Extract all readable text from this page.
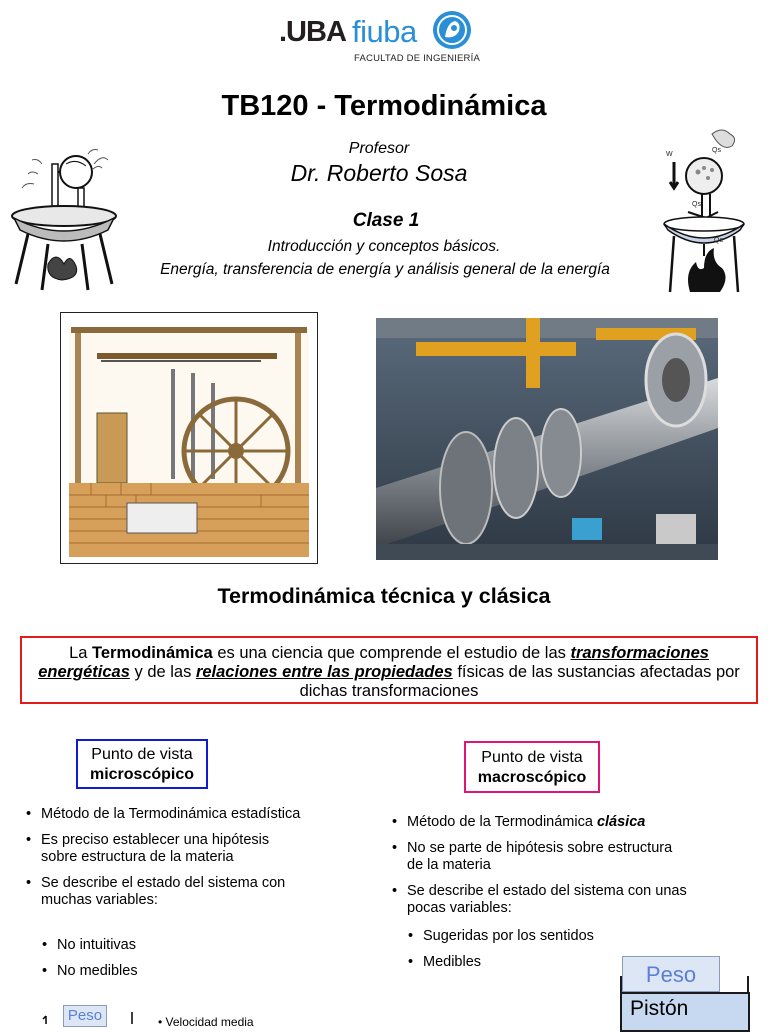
.UBA fiuba
FACULTAD DE INGENIERÍA
TB120 - Termodinámica
Profesor
Dr. Roberto Sosa
Clase 1
Introducción y conceptos básicos.
Energía, transferencia de energía y análisis general de la energía
Qs
W
Qs
Qe
Termodinámica técnica y clásica
La Termodinámica es una ciencia que comprende el estudio de las transformaciones energéticas y de las relaciones entre las propiedades físicas de las sustancias afectadas por dichas transformaciones
Punto de vista
microscópico
• Método de la Termodinámica estadística
• Es preciso establecer una hipótesis sobre estructura de la materia
• Se describe el estado del sistema con muchas variables:
• No intuitivas
• No medibles
Peso	• Velocidad media
Punto de vista
macroscópico
• Método de la Termodinámica clásica
• No se parte de hipótesis sobre estructura de la materia
• Se describe el estado del sistema con unas pocas variables:
• Sugeridas por los sentidos
• Medibles	Peso
Pistón
